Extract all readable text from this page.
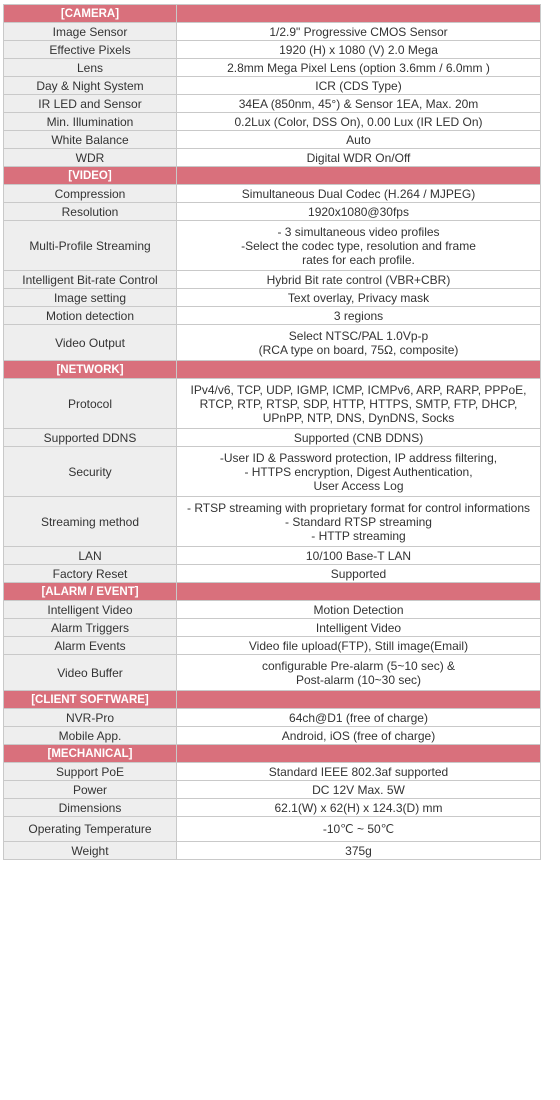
[CAMERA]	
Image Sensor	1/2.9" Progressive CMOS Sensor

Effective Pixels	1920 (H) x 1080 (V) 2.0 Mega

Lens	2.8mm Mega Pixel Lens (option 3.6mm / 6.0mm )

Day & Night System	ICR (CDS Type)

IR LED and Sensor	34EA (850nm, 45°) & Sensor 1EA, Max. 20m

Min. Illumination	0.2Lux (Color, DSS On), 0.00 Lux (IR LED On)

White Balance	Auto

WDR	Digital WDR On/Off

[VIDEO]	
Compression	Simultaneous Dual Codec (H.264 / MJPEG)

Resolution	1920x1080@30fps

Multi-Profile Streaming	- 3 simultaneous video profiles
-Select the codec type, resolution and frame
rates for each profile.

Intelligent Bit-rate Control	Hybrid Bit rate control (VBR+CBR)

Image setting	Text overlay, Privacy mask

Motion detection	3 regions

Video Output	Select NTSC/PAL 1.0Vp-p
(RCA type on board, 75Ω, composite)

[NETWORK]	
Protocol	IPv4/v6, TCP, UDP, IGMP, ICMP, ICMPv6, ARP, RARP, PPPoE,
RTCP, RTP, RTSP, SDP, HTTP, HTTPS, SMTP, FTP, DHCP,
UPnPP, NTP, DNS, DynDNS, Socks

Supported DDNS	Supported (CNB DDNS)

Security	-User ID & Password protection, IP address filtering,
- HTTPS encryption, Digest Authentication,
User Access Log

Streaming method	- RTSP streaming with proprietary format for control informations
- Standard RTSP streaming
- HTTP streaming

LAN	10/100 Base-T LAN

Factory Reset	Supported

[ALARM / EVENT]	
Intelligent Video	Motion Detection

Alarm Triggers	Intelligent Video

Alarm Events	Video file upload(FTP), Still image(Email)

Video Buffer	configurable Pre-alarm (5~10 sec) &
Post-alarm (10~30 sec)

[CLIENT SOFTWARE]	
NVR-Pro	64ch@D1 (free of charge)

Mobile App.	Android, iOS (free of charge)

[MECHANICAL]	
Support PoE	Standard IEEE 802.3af supported

Power	DC 12V Max. 5W

Dimensions	62.1(W) x 62(H) x 124.3(D) mm

Operating Temperature	-10℃ ~ 50℃

Weight	375g
